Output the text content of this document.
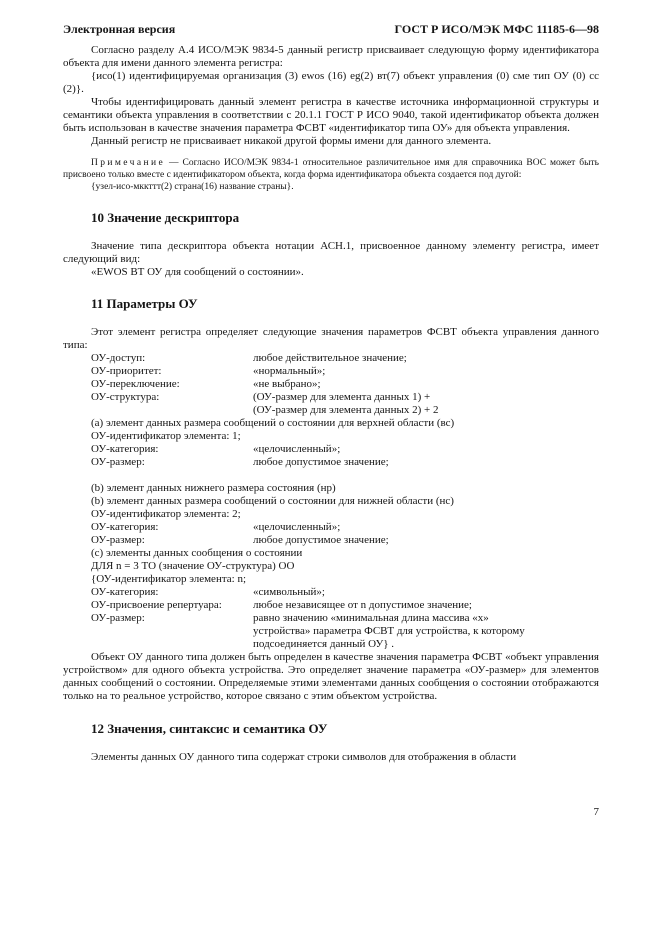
Электронная версия	ГОСТ Р ИСО/МЭК МФС 11185-6—98

Согласно разделу А.4 ИСО/МЭК 9834-5 данный регистр присваивает следующую форму идентификатора объекта для имени данного элемента регистра:

{исо(1) идентифицируемая организация (3) ewos (16) eg(2) вт(7) объект управления (0) сме тип ОУ (0) сс (2)}.

Чтобы идентифицировать данный элемент регистра в качестве источника информационной структуры и семантики объекта управления в соответствии с 20.1.1 ГОСТ Р ИСО 9040, такой идентификатор объекта должен быть использован в качестве значения параметра ФСВТ «идентификатор типа ОУ» для объекта управления.

Данный регистр не присваивает никакой другой формы имени для данного элемента.

Примечание — Согласно ИСО/МЭК 9834-1 относительное различительное имя для справочника ВОС может быть присвоено только вместе с идентификатором объекта, когда форма идентификатора объекта создается под дугой:

{узел-исо-мккттт(2) страна(16) название страны}.
10 Значение дескриптора

Значение типа дескриптора объекта нотации АСН.1, присвоенное данному элементу регистра, имеет следующий вид:

«EWOS ВТ ОУ для сообщений о состоянии».

11 Параметры ОУ

Этот элемент регистра определяет следующие значения параметров ФСВТ объекта управления данного типа:

ОУ-доступ:	любое действительное значение;
ОУ-приоритет:	«нормальный»;
ОУ-переключение:	«не выбрано»;
ОУ-структура:	(ОУ-размер для элемента данных 1) +
(ОУ-размер для элемента данных 2) + 2
(а) элемент данных размера сообщений о состоянии для верхней области (вс)
ОУ-идентификатор элемента: 1;
ОУ-категория:	«целочисленный»;
ОУ-размер:	любое допустимое значение;
(b) элемент данных нижнего размера состояния (нр)
(b) элемент данных размера сообщений о состоянии для нижней области (нс)
ОУ-идентификатор элемента: 2;
ОУ-категория:	«целочисленный»;
ОУ-размер:	любое допустимое значение;
(с) элементы данных сообщения о состоянии
ДЛЯ n = 3 ТО (значение ОУ-структура) ОО
{ОУ-идентификатор элемента: n;
ОУ-категория:	«символьный»;
ОУ-присвоение репертуара:	любое независящее от n допустимое значение;
ОУ-размер:	равно значению «минимальная длина массива «х»
устройства» параметра ФСВТ для устройства, к которому
подсоединяется данный ОУ} .

Объект ОУ данного типа должен быть определен в качестве значения параметра ФСВТ «объект управления устройством» для одного объекта устройства. Это определяет значение параметра «ОУ-размер» для элементов данных сообщений о состоянии. Определяемые этими элементами данных сообщения о состоянии отображаются только на то реальное устройство, которое связано с этим объектом устройства.

12 Значения, синтаксис и семантика ОУ

Элементы данных ОУ данного типа содержат строки символов для отображения в области

7
